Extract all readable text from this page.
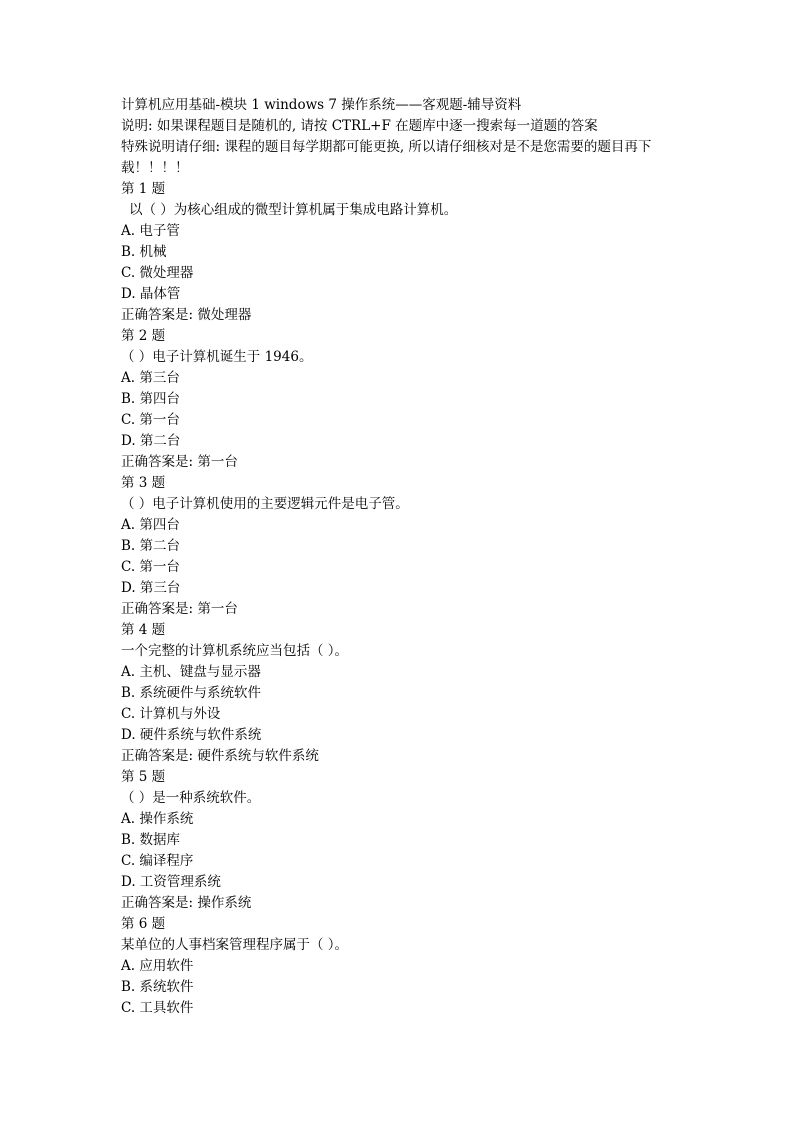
计算机应用基础-模块 1 windows 7 操作系统——客观题-辅导资料
说明: 如果课程题目是随机的, 请按 CTRL+F 在题库中逐一搜索每一道题的答案
特殊说明请仔细: 课程的题目每学期都可能更换, 所以请仔细核对是不是您需要的题目再下载！！！！
第 1 题
以（ ）为核心组成的微型计算机属于集成电路计算机。
A. 电子管
B. 机械
C. 微处理器
D. 晶体管
正确答案是: 微处理器
第 2 题
（ ）电子计算机诞生于 1946。
A. 第三台
B. 第四台
C. 第一台
D. 第二台
正确答案是: 第一台
第 3 题
（ ）电子计算机使用的主要逻辑元件是电子管。
A. 第四台
B. 第二台
C. 第一台
D. 第三台
正确答案是: 第一台
第 4 题
一个完整的计算机系统应当包括（ ）。
A. 主机、键盘与显示器
B. 系统硬件与系统软件
C. 计算机与外设
D. 硬件系统与软件系统
正确答案是: 硬件系统与软件系统
第 5 题
（ ）是一种系统软件。
A. 操作系统
B. 数据库
C. 编译程序
D. 工资管理系统
正确答案是: 操作系统
第 6 题
某单位的人事档案管理程序属于（ ）。
A. 应用软件
B. 系统软件
C. 工具软件
